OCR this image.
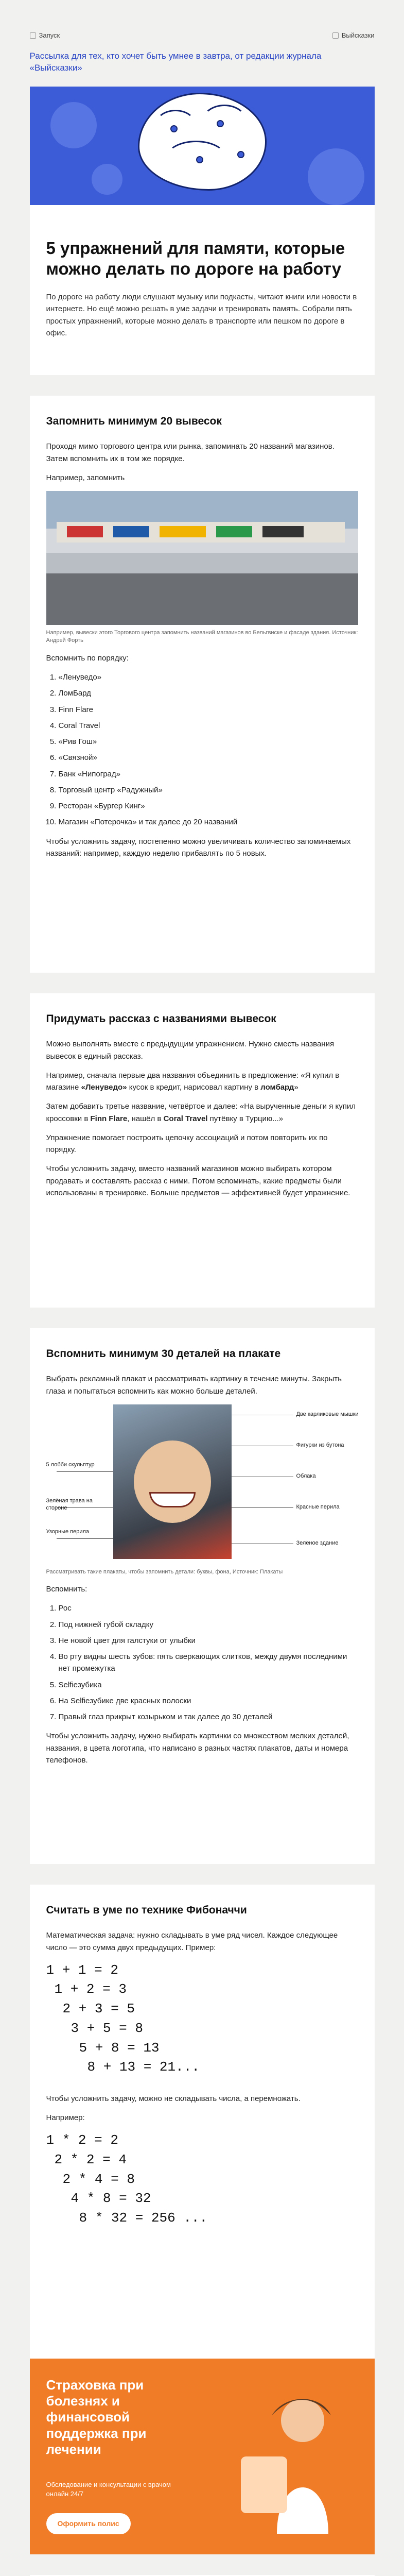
Запуск	Выйсказки
Рассылка для тех, кто хочет быть умнее в завтра, от редакции журнала «Выйсказки»
5 упражнений для памяти, которые можно делать по дороге на работу
По дороге на работу люди слушают музыку или подкасты, читают книги или новости в интернете. Но ещё можно решать в уме задачи и тренировать память. Собрали пять простых упражнений, которые можно делать в транспорте или пешком по дороге в офис.
Запомнить минимум 20 вывесок

Проходя мимо торгового центра или рынка, запоминать 20 названий магазинов. Затем вспомнить их в том же порядке.

Например, запомнить

Например, вывески этого Торгового центра запомнить названий магазинов во Бельгвиске и фасаде здания. Источник: Андрей Форть

Вспомнить по порядку:

1. «Ленуведо»
2. ЛомБард
3. Finn Flare
4. Coral Travel
5. «Рив Гош»
6. «Связной»
7. Банк «Нипоград»
8. Торговый центр «Радужный»
9. Ресторан «Бургер Кинг»
10. Магазин «Потерочка» и так далее до 20 названий

Чтобы усложнить задачу, постепенно можно увеличивать количество запоминаемых названий: например, каждую неделю прибавлять по 5 новых.

Придумать рассказ с названиями вывесок

Можно выполнять вместе с предыдущим упражнением. Нужно сместь названия вывесок в единый рассказ.

Например, сначала первые два названия объединить в предложение: «Я купил в магазине «Ленуведо» кусок в кредит, нарисовал картину в ломбард»

Затем добавить третье название, четвёртое и далее: «На вырученные деньги я купил кроссовки в Finn Flare, нашёл в Coral Travel путёвку в Турцию...»

Упражнение помогает построить цепочку ассоциаций и потом повторить их по порядку.

Чтобы усложнить задачу, вместо названий магазинов можно выбирать котором продавать и составлять рассказ с ними. Потом вспоминать, какие предметы были использованы в тренировке. Больше предметов — эффективней будет упражнение.

Вспомнить минимум 30 деталей на плакате

Выбрать рекламный плакат и рассматривать картинку в течение минуты. Закрыть глаза и попытаться вспомнить как можно больше деталей.

Две карликовые мышки
Фигурки из бутона
5 лобби скульптур
Облака
Зелёная трава на стороне	Красные перила
Узорные перила
Зелёное здание
Рассматривать такие плакаты, чтобы запомнить детали: буквы, фона, Источник: Плакаты

Вспомнить:

1. Рос
2. Под нижней губой складку
3. Не новой цвет для галстуки от улыбки
4. Во рту видны шесть зубов: пять сверкающих слитков, между двумя последними нет промежутка
5. Selfieзубика
6. На Selfieзубике две красных полоски
7. Правый глаз прикрыт козырьком и так далее до 30 деталей

Чтобы усложнить задачу, нужно выбирать картинки со множеством мелких деталей, названия, в цвета логотипа, что написано в разных частях плакатов, даты и номера телефонов.

Считать в уме по технике Фибоначчи

Математическая задача: нужно складывать в уме ряд чисел. Каждое следующее число — это сумма двух предыдущих. Пример:

1 + 1 = 2
1 + 2 = 3
2 + 3 = 5
3 + 5 = 8
5 + 8 = 13
8 + 13 = 21...

Чтобы усложнить задачу, можно не складывать числа, а перемножать.

Например:

1 * 2 = 2
2 * 2 = 4
2 * 4 = 8
4 * 8 = 32
8 * 32 = 256 ...
Страховка при болезнях и финансовой поддержка при лечении
Обследование и консультации с врачом онлайн 24/7
Оформить полис
